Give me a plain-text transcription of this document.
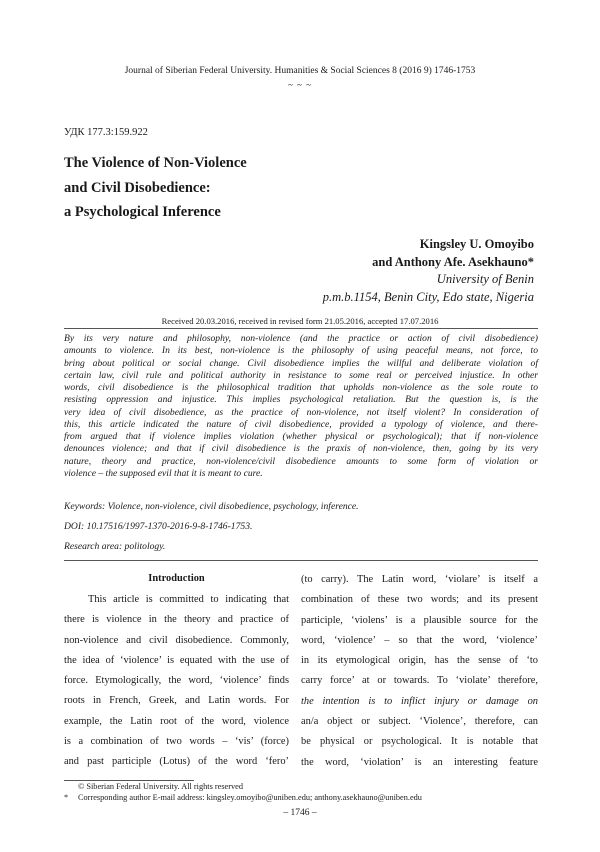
Journal of Siberian Federal University. Humanities & Social Sciences 8 (2016 9) 1746-1753
~ ~ ~
УДК 177.3:159.922
The Violence of Non-Violence
and Civil Disobedience:
a Psychological Inference
Kingsley U. Omoyibo
and Anthony Afe. Asekhauno*
University of Benin
p.m.b.1154, Benin City, Edo state, Nigeria
Received 20.03.2016, received in revised form 21.05.2016, accepted 17.07.2016
By its very nature and philosophy, non-violence (and the practice or action of civil disobedience)
amounts to violence. In its best, non-violence is the philosophy of using peaceful means, not force, to
bring about political or social change. Civil disobedience implies the willful and deliberate violation of
certain law, civil rule and political authority in resistance to some real or perceived injustice. In other
words, civil disobedience is the philosophical tradition that upholds non-violence as the sole route to
resisting oppression and injustice. This implies psychological retaliation. But the question is, is the
very idea of civil disobedience, as the practice of non-violence, not itself violent? In consideration of
this, this article indicated the nature of civil disobedience, provided a typology of violence, and there-
from argued that if violence implies violation (whether physical or psychological); that if non-violence
denounces violence; and that if civil disobedience is the praxis of non-violence, then, going by its very
nature, theory and practice, non-violence/civil disobedience amounts to some form of violation or
violence – the supposed evil that it is meant to cure.
Keywords: Violence, non-violence, civil disobedience, psychology, inference.
DOI: 10.17516/1997-1370-2016-9-8-1746-1753.
Research area: politology.
Introduction
This article is committed to indicating that
there is violence in the theory and practice of
non-violence and civil disobedience. Commonly,
the idea of ‘violence’ is equated with the use of
force. Etymologically, the word, ‘violence’ finds
roots in French, Greek, and Latin words. For
example, the Latin root of the word, violence
is a combination of two words – ‘vis’ (force)
and past participle (Lotus) of the word ‘fero’
(to carry). The Latin word, ‘violare’ is itself a
combination of these two words; and its present
participle, ‘violens’ is a plausible source for the
word, ‘violence’ – so that the word, ‘violence’
in its etymological origin, has the sense of ‘to
carry force’ at or towards. To ‘violate’ therefore,
the intention is to inflict injury or damage on
an/a object or subject. ‘Violence’, therefore, can
be physical or psychological. It is notable that
the word, ‘violation’ is an interesting feature
© Siberian Federal University. All rights reserved
* Corresponding author E-mail address: kingsley.omoyibo@uniben.edu; anthony.asekhauno@uniben.edu
– 1746 –
